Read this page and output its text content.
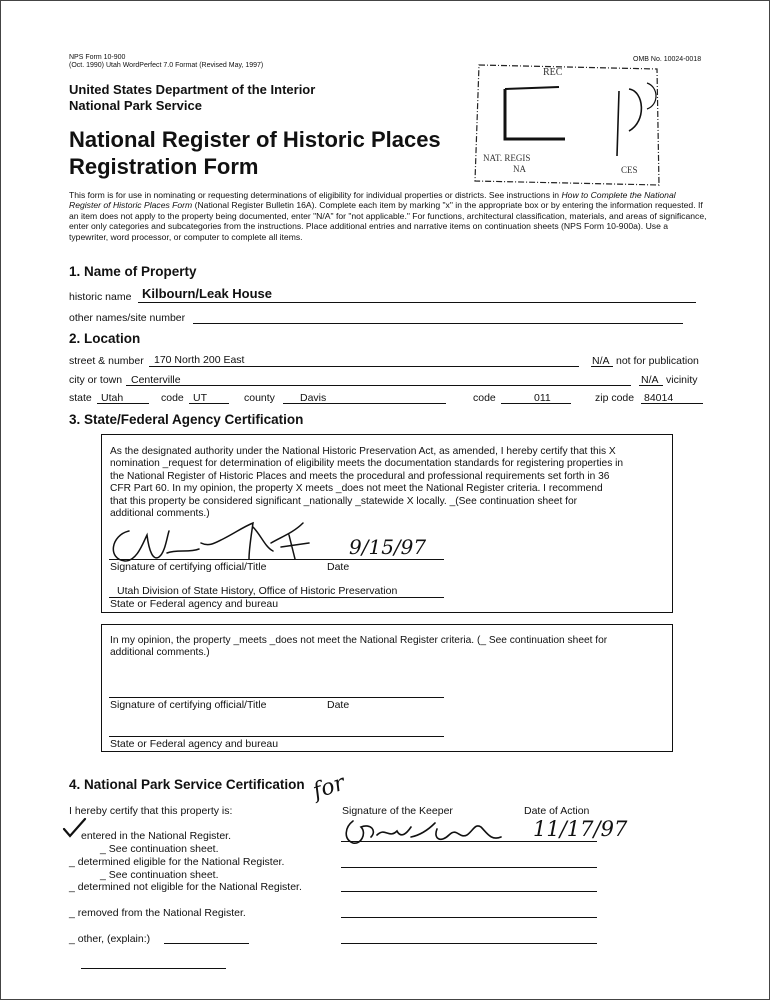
NPS Form 10-900
(Oct. 1990) Utah WordPerfect 7.0 Format (Revised May, 1997)
OMB No. 10024-0018
United States Department of the Interior
National Park Service
National Register of Historic Places
Registration Form
REC
NAT. REGIS
NA	CES
This form is for use in nominating or requesting determinations of eligibility for individual properties or districts. See instructions in How to Complete the National Register of Historic Places Form (National Register Bulletin 16A). Complete each item by marking "x" in the appropriate box or by entering the information requested. If an item does not apply to the property being documented, enter "N/A" for "not applicable." For functions, architectural classification, materials, and areas of significance, enter only categories and subcategories from the instructions. Place additional entries and narrative items on continuation sheets (NPS Form 10-900a). Use a typewriter, word processor, or computer to complete all items.
1. Name of Property
historic name Kilbourn/Leak House
other names/site number
2. Location
street & number 170 North 200 East	N/A not for publication
city or town Centerville	N/A vicinity
state Utah	code UT	county Davis	code	011	zip code 84014
3. State/Federal Agency Certification
As the designated authority under the National Historic Preservation Act, as amended, I hereby certify that this X
nomination _request for determination of eligibility meets the documentation standards for registering properties in
the National Register of Historic Places and meets the procedural and professional requirements set forth in 36
CFR Part 60. In my opinion, the property X meets _does not meet the National Register criteria. I recommend
that this property be considered significant _nationally _statewide X locally. _(See continuation sheet for
additional comments.)
9/15/97
Signature of certifying official/Title	Date
Utah Division of State History, Office of Historic Preservation
State or Federal agency and bureau
In my opinion, the property _meets _does not meet the National Register criteria. (_ See continuation sheet for
additional comments.)
Signature of certifying official/Title	Date
State or Federal agency and bureau
4. National Park Service Certification
I hereby certify that this property is:
for
Signature of the Keeper	Date of Action
11/17/97
entered in the National Register.
_ See continuation sheet.
_ determined eligible for the National Register.
_ See continuation sheet.
_ determined not eligible for the National Register.
_ removed from the National Register.
_ other, (explain:)
